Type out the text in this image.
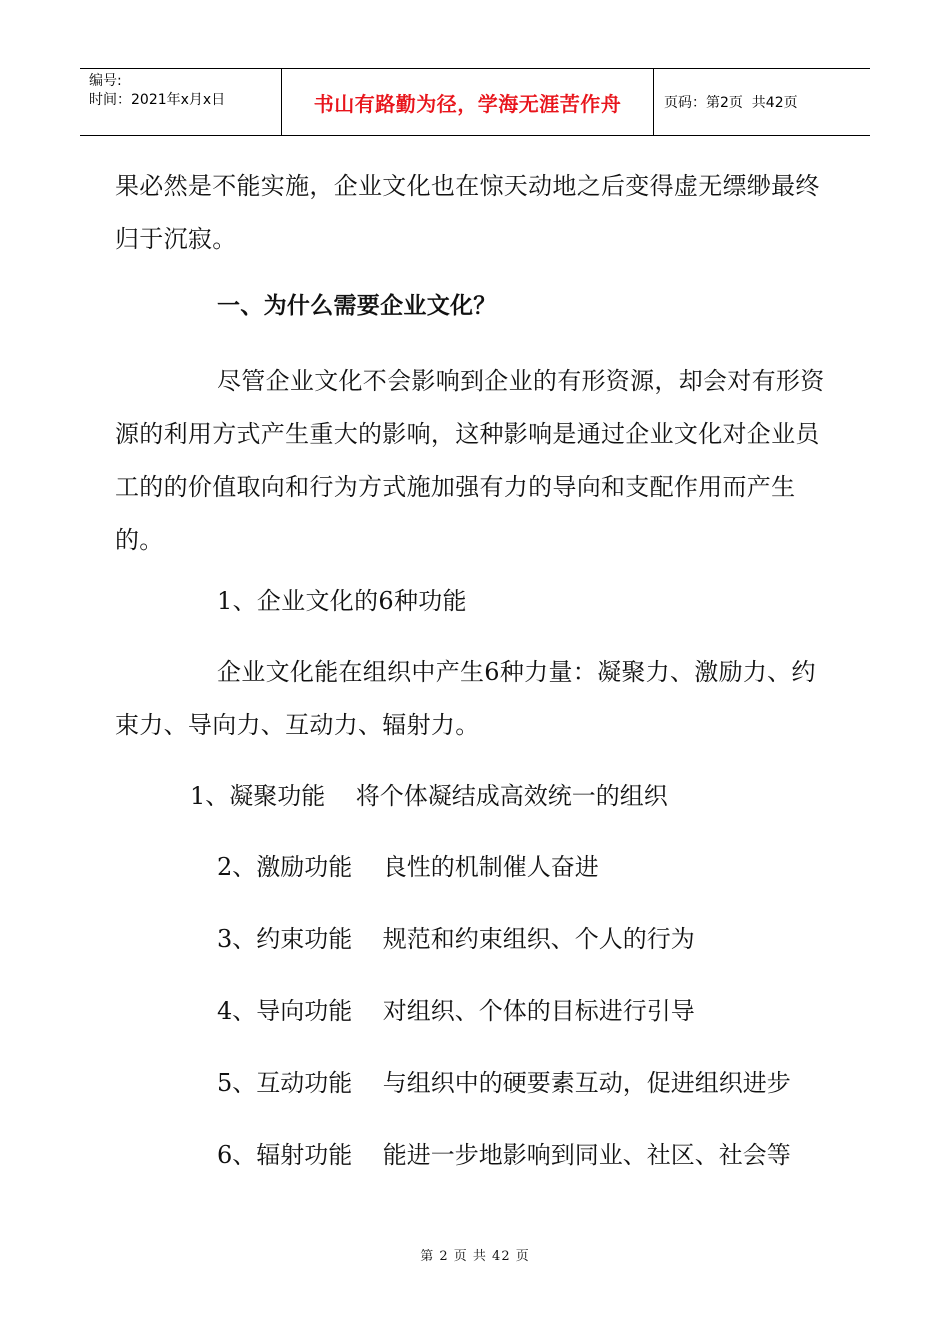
编号:
时间：2021年x月x日	书山有路勤为径，学海无涯苦作舟	页码：第2页  共42页

果必然是不能实施，企业文化也在惊天动地之后变得虚无缥缈最终归于沉寂。

一、为什么需要企业文化？

尽管企业文化不会影响到企业的有形资源，却会对有形资源的利用方式产生重大的影响，这种影响是通过企业文化对企业员工的的价值取向和行为方式施加强有力的导向和支配作用而产生的。

1、企业文化的6种功能

企业文化能在组织中产生6种力量：凝聚力、激励力、约束力、导向力、互动力、辐射力。

1、凝聚功能    将个体凝结成高效统一的组织
2、激励功能    良性的机制催人奋进
3、约束功能    规范和约束组织、个人的行为
4、导向功能    对组织、个体的目标进行引导
5、互动功能    与组织中的硬要素互动，促进组织进步
6、辐射功能    能进一步地影响到同业、社区、社会等
第 2 页 共 42 页
